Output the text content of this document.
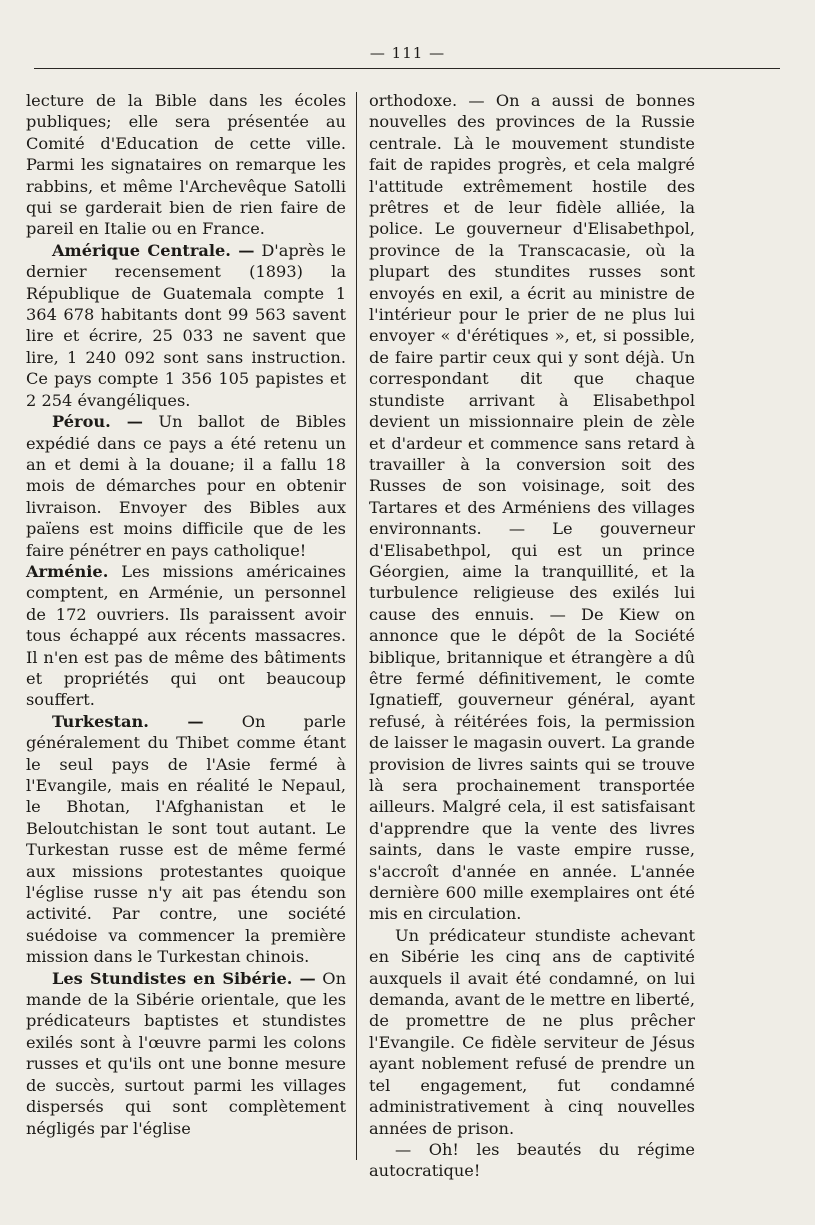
— 111 —

lecture de la Bible dans les écoles publiques; elle sera présentée au Comité d'Education de cette ville. Parmi les signataires on remarque les rabbins, et même l'Archevêque Satolli qui se garderait bien de rien faire de pareil en Italie ou en France.

Amérique Centrale. — D'après le dernier recensement (1893) la République de Guatemala compte 1 364 678 habitants dont 99 563 savent lire et écrire, 25 033 ne savent que lire, 1 240 092 sont sans instruction. Ce pays compte 1 356 105 papistes et 2 254 évangéliques.

Pérou. — Un ballot de Bibles expédié dans ce pays a été retenu un an et demi à la douane; il a fallu 18 mois de démarches pour en obtenir livraison. Envoyer des Bibles aux païens est moins difficile que de les faire pénétrer en pays catholique!

Arménie. Les missions américaines comptent, en Arménie, un personnel de 172 ouvriers. Ils paraissent avoir tous échappé aux récents massacres. Il n'en est pas de même des bâtiments et propriétés qui ont beaucoup souffert.

Turkestan. — On parle généralement du Thibet comme étant le seul pays de l'Asie fermé à l'Evangile, mais en réalité le Nepaul, le Bhotan, l'Afghanistan et le Beloutchistan le sont tout autant. Le Turkestan russe est de même fermé aux missions protestantes quoique l'église russe n'y ait pas étendu son activité. Par contre, une société suédoise va commencer la première mission dans le Turkestan chinois.

Les Stundistes en Sibérie. — On mande de la Sibérie orientale, que les prédicateurs baptistes et stundistes exilés sont à l'œuvre parmi les colons russes et qu'ils ont une bonne mesure de succès, surtout parmi les villages dispersés qui sont complètement négligés par l'église

orthodoxe. — On a aussi de bonnes nouvelles des provinces de la Russie centrale. Là le mouvement stundiste fait de rapides progrès, et cela malgré l'attitude extrêmement hostile des prêtres et de leur fidèle alliée, la police. Le gouverneur d'Elisabethpol, province de la Transcacasie, où la plupart des stundites russes sont envoyés en exil, a écrit au ministre de l'intérieur pour le prier de ne plus lui envoyer « d'érétiques », et, si possible, de faire partir ceux qui y sont déjà. Un correspondant dit que chaque stundiste arrivant à Elisabethpol devient un missionnaire plein de zèle et d'ardeur et commence sans retard à travailler à la conversion soit des Russes de son voisinage, soit des Tartares et des Arméniens des villages environnants. — Le gouverneur d'Elisabethpol, qui est un prince Géorgien, aime la tranquillité, et la turbulence religieuse des exilés lui cause des ennuis. — De Kiew on annonce que le dépôt de la Société biblique, britannique et étrangère a dû être fermé définitivement, le comte Ignatieff, gouverneur général, ayant refusé, à réitérées fois, la permission de laisser le magasin ouvert. La grande provision de livres saints qui se trouve là sera prochainement transportée ailleurs. Malgré cela, il est satisfaisant d'apprendre que la vente des livres saints, dans le vaste empire russe, s'accroît d'année en année. L'année dernière 600 mille exemplaires ont été mis en circulation.

Un prédicateur stundiste achevant en Sibérie les cinq ans de captivité auxquels il avait été condamné, on lui demanda, avant de le mettre en liberté, de promettre de ne plus prêcher l'Evangile. Ce fidèle serviteur de Jésus ayant noblement refusé de prendre un tel engagement, fut condamné administrativement à cinq nouvelles années de prison.

— Oh! les beautés du régime autocratique!
